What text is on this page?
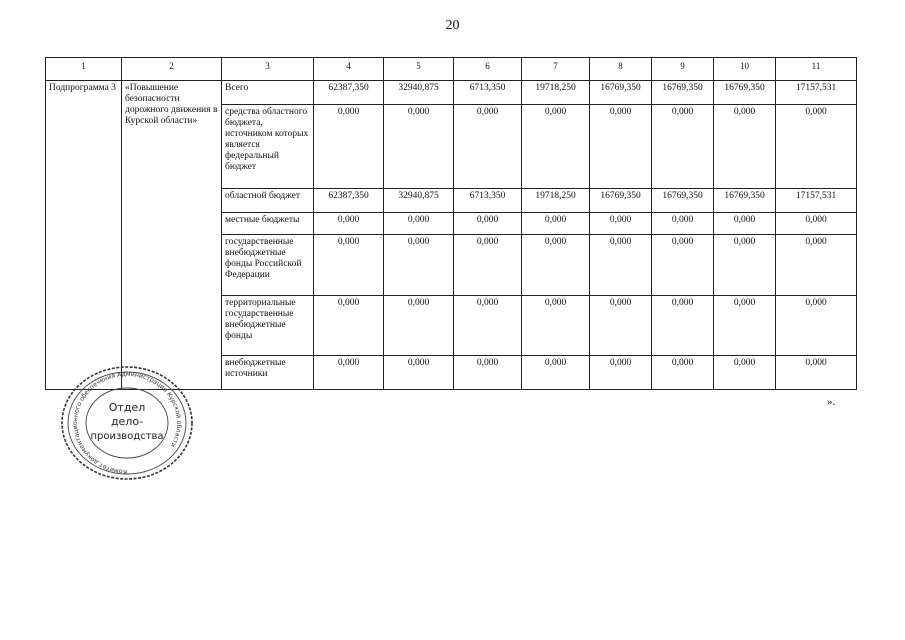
20
1	2	3	4	5	6	7	8	9	10	11
Подпрограмма 3	«Повышение безопасности дорожного движения в Курской области»	Всего	62387,350	32940,875	6713,350	19718,250	16769,350	16769,350	16769,350	17157,531
		средства областного бюджета, источником которых является федеральный бюджет	0,000	0,000	0,000	0,000	0,000	0,000	0,000	0,000
		областной бюджет	62387,350	32940,875	6713,350	19718,250	16769,350	16769,350	16769,350	17157,531
		местные бюджеты	0,000	0,000	0,000	0,000	0,000	0,000	0,000	0,000
		государственные внебюджетные фонды Российской Федерации	0,000	0,000	0,000	0,000	0,000	0,000	0,000	0,000
		территориальные государственные внебюджетные фонды	0,000	0,000	0,000	0,000	0,000	0,000	0,000	0,000
		внебюджетные источники	0,000	0,000	0,000	0,000	0,000	0,000	0,000	0,000
».
Комитет документационного обеспечения Администрации Курской области
Отдел
дело-
производства
